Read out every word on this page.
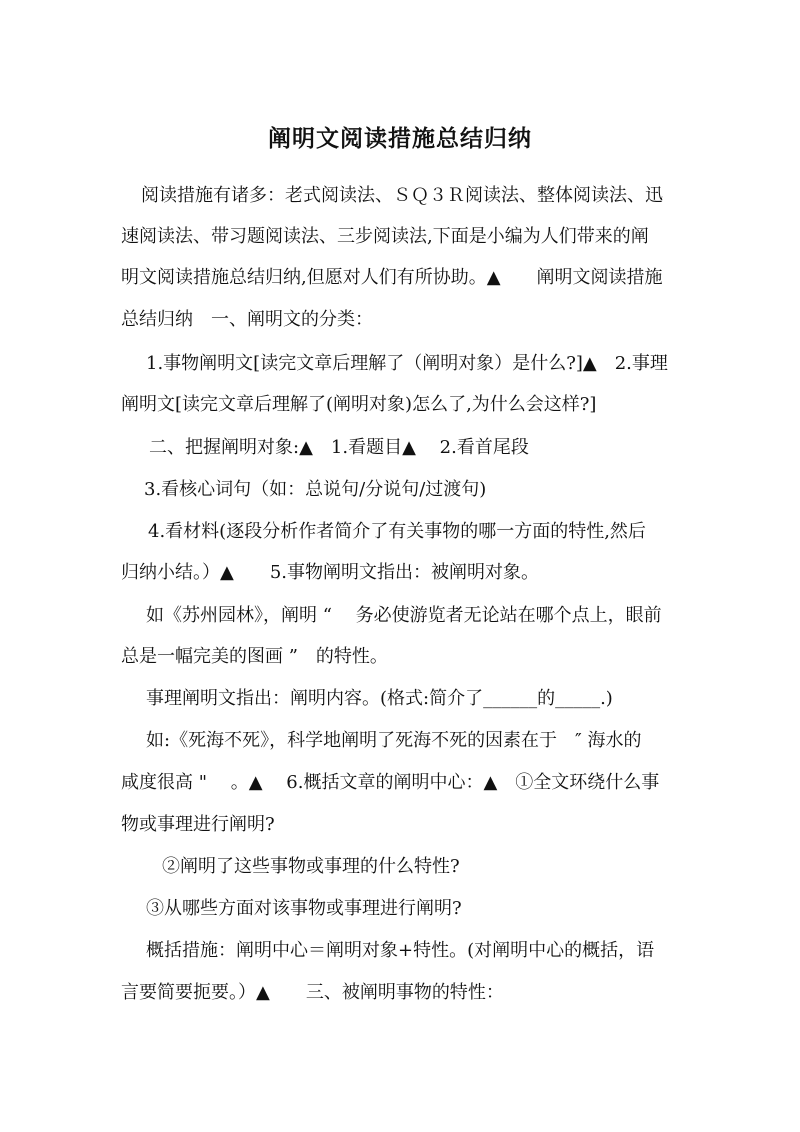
阐明文阅读措施总结归纳
阅读措施有诸多：老式阅读法、ＳＱ３Ｒ阅读法、整体阅读法、迅
速阅读法、带习题阅读法、三步阅读法,下面是小编为人们带来的阐
明文阅读措施总结归纳,但愿对人们有所协助。▲　　阐明文阅读措施
总结归纳　一、阐明文的分类：
1.事物阐明文[读完文章后理解了（阐明对象）是什么?]▲　2.事理
阐明文[读完文章后理解了(阐明对象)怎么了,为什么会这样?]
二、把握阐明对象:▲　1.看题目▲　 2.看首尾段
3.看核心词句（如：总说句/分说句/过渡句)
4.看材料(逐段分析作者简介了有关事物的哪一方面的特性,然后
归纳小结。）▲　　5.事物阐明文指出：被阐明对象。
如《苏州园林》，阐明 “　 务必使游览者无论站在哪个点上，眼前
总是一幅完美的图画 ”　的特性。
事理阐明文指出：阐明内容。(格式:简介了______的_____.)
如:《死海不死》，科学地阐明了死海不死的因素在于　″ 海水的
咸度很高 "　 。▲　 6.概括文章的阐明中心：▲　①全文环绕什么事
物或事理进行阐明?
②阐明了这些事物或事理的什么特性?
③从哪些方面对该事物或事理进行阐明?
概括措施：阐明中心＝阐明对象+特性。(对阐明中心的概括，语
言要简要扼要。）▲　　三、被阐明事物的特性：
